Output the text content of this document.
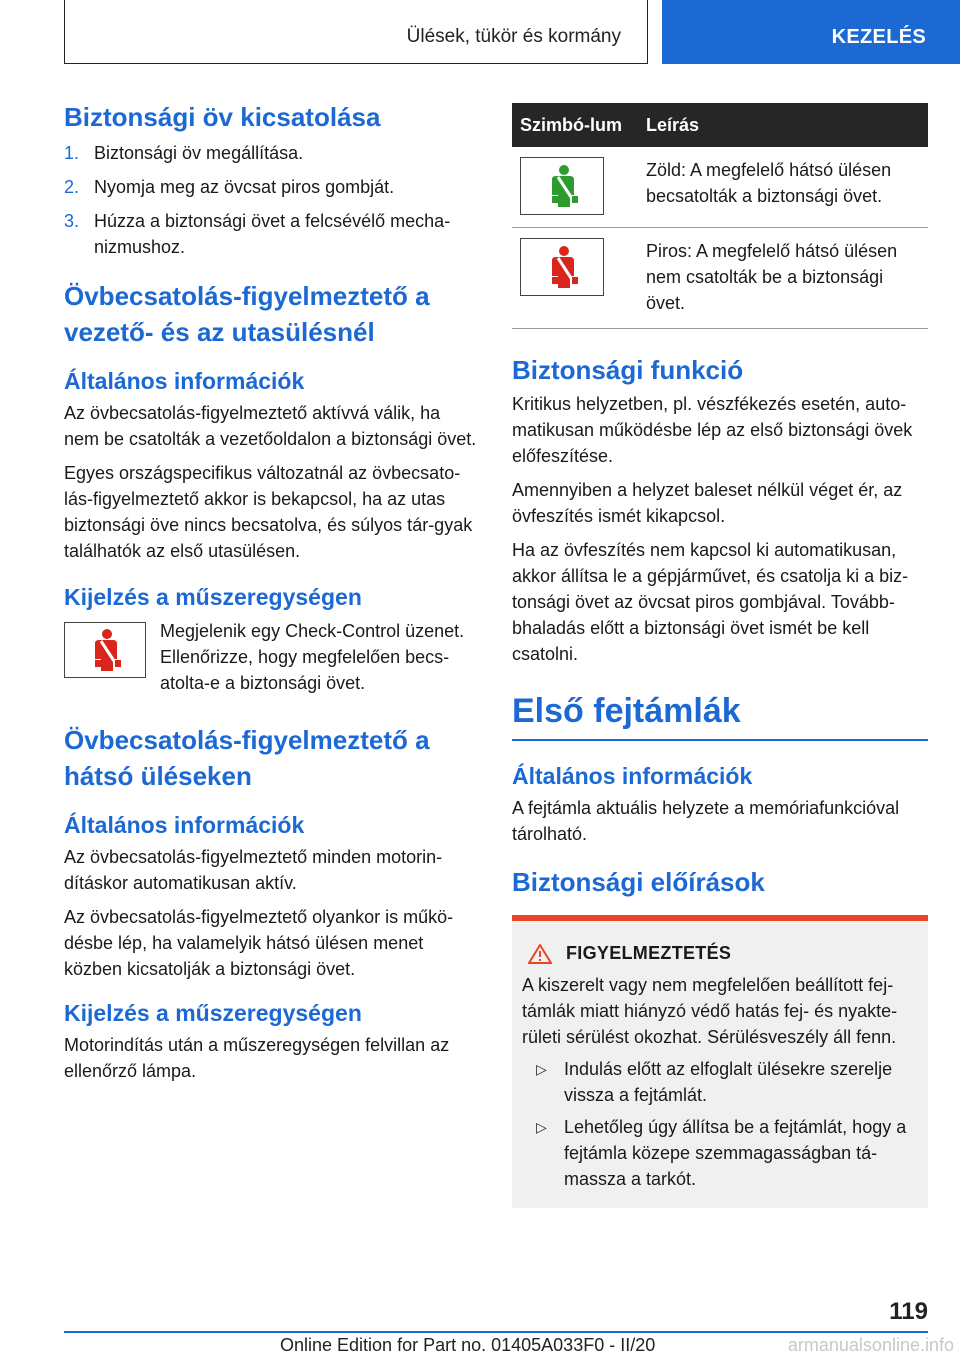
Ülések, tükör és kormány	KEZELÉS
Biztonsági öv kicsatolása
1. Biztonsági öv megállítása.
2. Nyomja meg az övcsat piros gombját.
3. Húzza a biztonsági övet a felcsévélő mecha-nizmushoz.
Övbecsatolás-figyelmeztető a vezető- és az utasülésnél
Általános információk

Az övbecsatolás-figyelmeztető aktívvá válik, ha nem be csatolták a vezetőoldalon a biztonsági övet.

Egyes országspecifikus változatnál az övbecsato-lás-figyelmeztető akkor is bekapcsol, ha az utas biztonsági öve nincs becsatolva, és súlyos tár-gyak találhatók az első utasülésen.

Kijelzés a műszeregységen

Megjelenik egy Check-Control üzenet. Ellenőrizze, hogy megfelelően becs-atolta-e a biztonsági övet.

Övbecsatolás-figyelmeztető a hátsó üléseken
Általános információk

Az övbecsatolás-figyelmeztető minden motorin-dításkor automatikusan aktív.

Az övbecsatolás-figyelmeztető olyankor is műkö-désbe lép, ha valamelyik hátsó ülésen menet közben kicsatolják a biztonsági övet.

Kijelzés a műszeregységen

Motorindítás után a műszeregységen felvillan az ellenőrző lámpa.

Szimbó-lum	Leírás

	Zöld: A megfelelő hátsó ülésen becsatolták a biztonsági övet.

	Piros: A megfelelő hátsó ülésen nem csatolták be a biztonsági övet.
Biztonsági funkció

Kritikus helyzetben, pl. vészfékezés esetén, auto-matikusan működésbe lép az első biztonsági övek előfeszítése.

Amennyiben a helyzet baleset nélkül véget ér, az övfeszítés ismét kikapcsol.

Ha az övfeszítés nem kapcsol ki automatikusan, akkor állítsa le a gépjárművet, és csatolja ki a biz-tonsági övet az övcsat piros gombjával. Tovább-bhaladás előtt a biztonsági övet ismét be kell csatolni.

Első fejtámlák
Általános információk

A fejtámla aktuális helyzete a memóriafunkcióval tárolható.

Biztonsági előírások
FIGYELMEZTETÉS

A kiszerelt vagy nem megfelelően beállított fej-támlák miatt hiányzó védő hatás fej- és nyakte-rületi sérülést okozhat. Sérülésveszély áll fenn.

▷ Indulás előtt az elfoglalt ülésekre szerelje vissza a fejtámlát.
▷ Lehetőleg úgy állítsa be a fejtámlát, hogy a fejtámla közepe szemmagasságban tá-massza a tarkót.
119
Online Edition for Part no. 01405A033F0 - II/20	armanualsonline.info
